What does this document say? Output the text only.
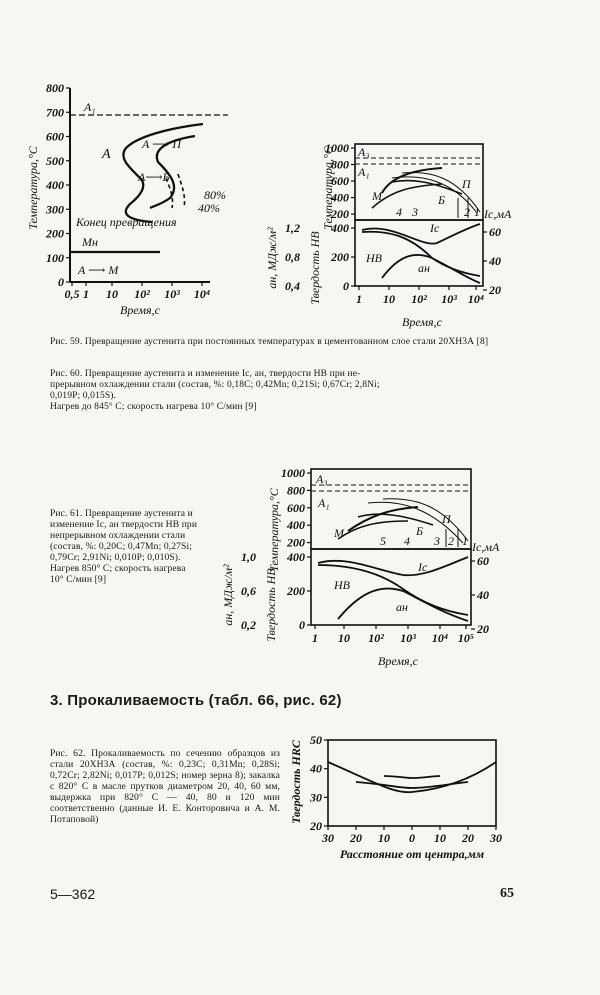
Температура,°С
800
700
600
500
400
300
200
100
0
0,5 1 10 10² 10³ 10⁴
A₁
A
A ⟶ П
A⟶Б
80%
40%
Конец превращения
Mн
A ⟶ M
Время,с
Температура,°С
Твердость HB
aн, МДж/м²
Iс,мА
1000
800
600
400
200
400
200
0
1,2
0,8
0,4
60
40
20
1 10 10² 10³ 10⁴
A₃
A₁
M	Б
П
4 3	2 1
Iс
HB
aн
Время,с
Рис. 59. Превращение аустенита при постоянных температурах в цементованном слое стали 20ХН3А [8]
Рис. 60. Превращение аустенита и изменение Iс, aн, твердости HB при не-
прерывном охлаждении стали (состав, %: 0,18С; 0,42Мn; 0,21Si; 0,67Cr; 2,8Ni;
0,019P; 0,015S).
Нагрев до 845° С; скорость нагрева 10° С/мин [9]
Рис. 61. Превращение аустенита и изменение Iс, aн твердости HB при непрерывном охлаждении стали (состав, %: 0,20С; 0,47Мn; 0,27Si; 0,79Cr; 2,91Ni; 0,010P; 0,010S). Нагрев 850° С; скорость нагрева 10° С/мин [9]
Температура,°С
Твердость HB
aн, МДж/м²
Iс,мА
1000
800
600
400
200
400
200
0
1,0
0,6
0,2
60
40
20
1 10 10² 10³ 10⁴ 10⁵
A₃
A₁
M	Б
П
5 4 3 2 1
Iс
HB
aн
Время,с
3. Прокаливаемость (табл. 66, рис. 62)
Рис. 62. Прокаливаемость по сечению образцов из стали 20ХН3А (состав, %: 0,23С; 0,31Мn; 0,28Si; 0,72Cr; 2,82Ni; 0,017P; 0,012S; номер зерна 8); закалка с 820° С в масле прутков диаметром 20, 40, 60 мм, выдержка при 820° С — 40, 80 и 120 мин соответственно (данные И. Е. Конторовича и А. М. Потаповой)	Твердость HRC
50
40
30
20
30 20 10 0 10 20 30
Расстояние от центра,мм
5—362	65
